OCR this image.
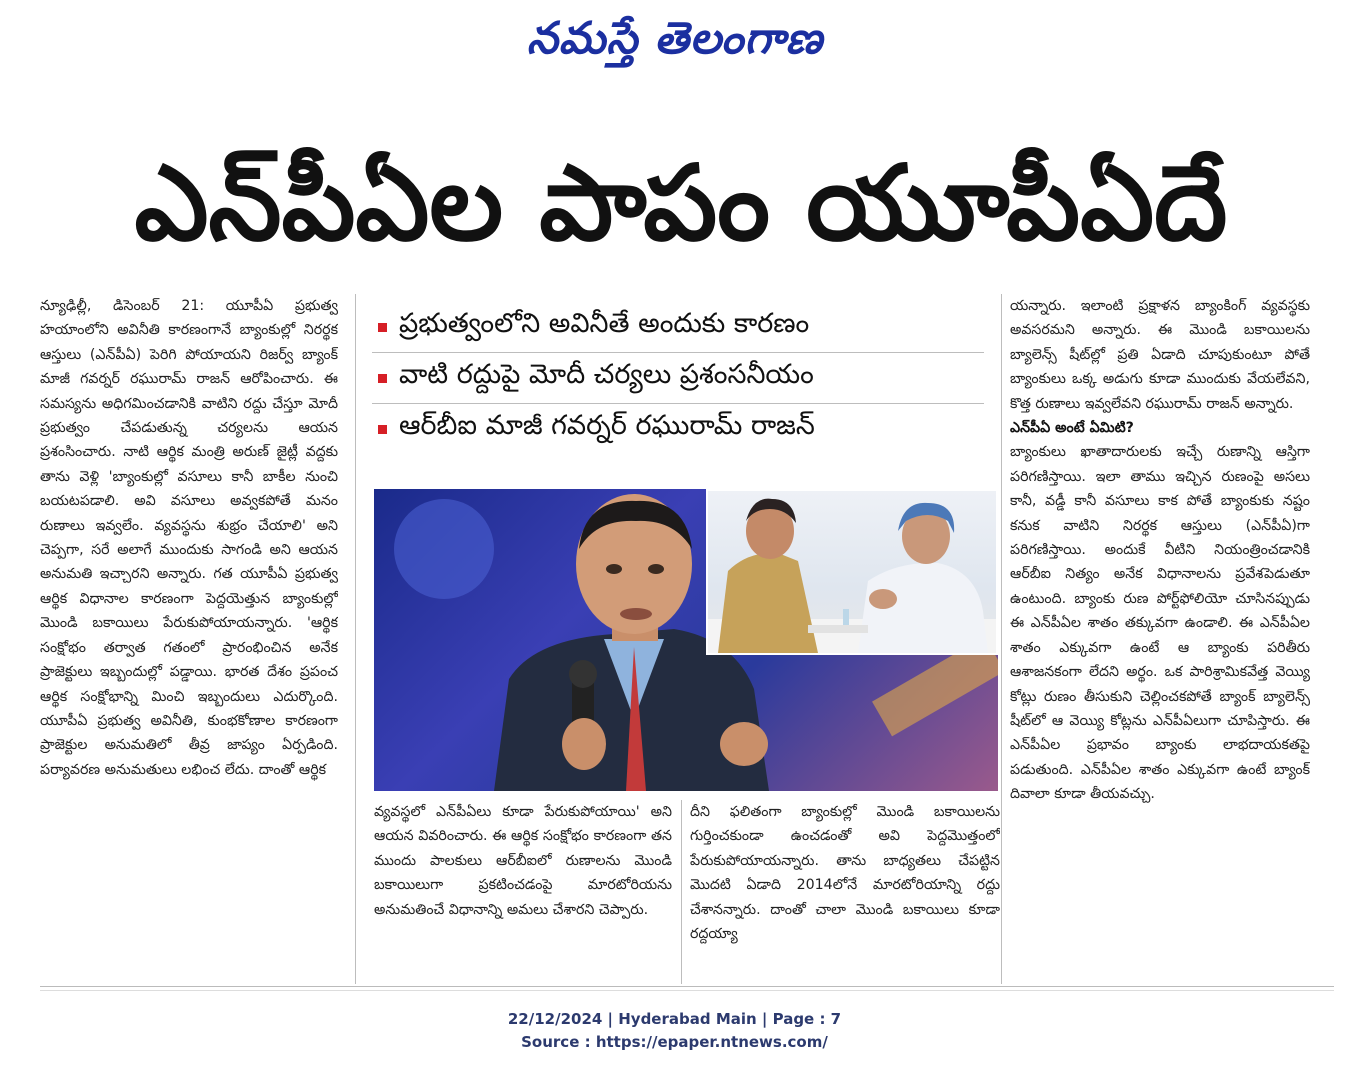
నమస్తే తెలంగాణ
ఎన్‌పీఏల పాపం యూపీఏదే

న్యూఢిల్లీ, డిసెంబర్ 21: యూపీఏ ప్రభుత్వ హయాంలోని అవినీతి కారణంగానే బ్యాంకుల్లో నిరర్థక ఆస్తులు (ఎన్‌పీఏ) పెరిగి పోయాయని రిజర్వ్ బ్యాంక్ మాజీ గవర్నర్ రఘురామ్ రాజన్ ఆరోపించారు. ఈ సమస్యను అధిగమించడానికి వాటిని రద్దు చేస్తూ మోదీ ప్రభుత్వం చేపడుతున్న చర్యలను ఆయన ప్రశంసించారు. నాటి ఆర్థిక మంత్రి అరుణ్ జైట్లీ వద్దకు తాను వెళ్లి 'బ్యాంకుల్లో వసూలు కానీ బాకీల నుంచి బయటపడాలి. అవి వసూలు అవ్వకపోతే మనం రుణాలు ఇవ్వలేం. వ్యవస్థను శుభ్రం చేయాలి' అని చెప్పగా, సరే అలాగే ముందుకు సాగండి అని ఆయన అనుమతి ఇచ్చారని అన్నారు. గత యూపీఏ ప్రభుత్వ ఆర్థిక విధానాల కారణంగా పెద్దయెత్తున బ్యాంకుల్లో మొండి బకాయిలు పేరుకుపోయాయన్నారు. 'ఆర్థిక సంక్షోభం తర్వాత గతంలో ప్రారంభించిన అనేక ప్రాజెక్టులు ఇబ్బందుల్లో పడ్డాయి. భారత దేశం ప్రపంచ ఆర్థిక సంక్షోభాన్ని మించి ఇబ్బందులు ఎదుర్కొంది. యూపీఏ ప్రభుత్వ అవినీతి, కుంభకోణాల కారణంగా ప్రాజెక్టుల అనుమతిలో తీవ్ర జాప్యం ఏర్పడింది. పర్యావరణ అనుమతులు లభించ లేదు. దాంతో ఆర్థిక

ప్రభుత్వంలోని అవినీతే అందుకు కారణం
వాటి రద్దుపై మోదీ చర్యలు ప్రశంసనీయం
ఆర్‌బీఐ మాజీ గవర్నర్ రఘురామ్ రాజన్

వ్యవస్థలో ఎన్‌పీఏలు కూడా పేరుకుపోయాయి' అని ఆయన వివరించారు. ఈ ఆర్థిక సంక్షోభం కారణంగా తన ముందు పాలకులు ఆర్‌బీఐలో రుణాలను మొండి బకాయిలుగా ప్రకటించడంపై మారటోరియను అనుమతించే విధానాన్ని అమలు చేశారని చెప్పారు.

దీని ఫలితంగా బ్యాంకుల్లో మొండి బకాయిలను గుర్తించకుండా ఉంచడంతో అవి పెద్దమొత్తంలో పేరుకుపోయాయన్నారు. తాను బాధ్యతలు చేపట్టిన మొదటి ఏడాది 2014లోనే మారటోరియాన్ని రద్దు చేశానన్నారు. దాంతో చాలా మొండి బకాయిలు కూడా రద్దయ్యా

యన్నారు. ఇలాంటి ప్రక్షాళన బ్యాంకింగ్ వ్యవస్థకు అవసరమని అన్నారు. ఈ మొండి బకాయిలను బ్యాలెన్స్ షీట్‌ల్లో ప్రతి ఏడాది చూపుకుంటూ పోతే బ్యాంకులు ఒక్క అడుగు కూడా ముందుకు వేయలేవని, కొత్త రుణాలు ఇవ్వలేవని రఘురామ్ రాజన్ అన్నారు.

ఎన్‌పీఏ అంటే ఏమిటి?

బ్యాంకులు ఖాతాదారులకు ఇచ్చే రుణాన్ని ఆస్తిగా పరిగణిస్తాయి. ఇలా తాము ఇచ్చిన రుణంపై అసలు కానీ, వడ్డీ కానీ వసూలు కాక పోతే బ్యాంకుకు నష్టం కనుక వాటిని నిరర్థక ఆస్తులు (ఎన్‌పీఏ)గా పరిగణిస్తాయి. అందుకే వీటిని నియంత్రించడానికి ఆర్‌బీఐ నిత్యం అనేక విధానాలను ప్రవేశపెడుతూ ఉంటుంది. బ్యాంకు రుణ పోర్ట్‌ఫోలియో చూసినప్పుడు ఈ ఎన్‌పీఏల శాతం తక్కువగా ఉండాలి. ఈ ఎన్‌పీఏల శాతం ఎక్కువగా ఉంటే ఆ బ్యాంకు పరితీరు ఆశాజనకంగా లేదని అర్థం. ఒక పారిశ్రామికవేత్త వెయ్యి కోట్లు రుణం తీసుకుని చెల్లించకపోతే బ్యాంక్ బ్యాలెన్స్ షీట్‌లో ఆ వెయ్యి కోట్లను ఎన్‌పీఏలుగా చూపిస్తారు. ఈ ఎన్‌పీఏల ప్రభావం బ్యాంకు లాభదాయకతపై పడుతుంది. ఎన్‌పీఏల శాతం ఎక్కువగా ఉంటే బ్యాంక్ దివాలా కూడా తీయవచ్చు.

22/12/2024 | Hyderabad Main | Page : 7
Source : https://epaper.ntnews.com/
